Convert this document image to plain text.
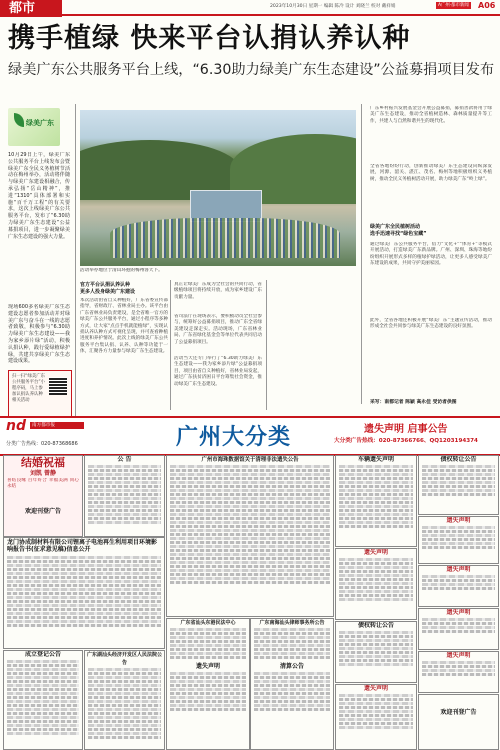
都市	2023年10月30日 星期一 编辑 陈冷 设计 刘晓兰 校对 戴祥娟	A广州·都市新闻 A06
携手植绿 快来平台认捐认养认种
绿美广东公共服务平台上线，“6.30助力绿美广东生态建设”公益募捐项目发布
绿美广东
10月29日上午，绿美广东公共服务平台上线发布会暨绿美广东全民义务植树节活动在梅州举办，活动将伴随与绿美广东建设相融合，传承弘扬“岳山精神”，推进“1310”具体部署和实施“百千万工程”的有关要求，这次上线绿美广东公共服务平台，发布了“6.30助力绿美广东生态建设”公益募捐项目，进一步凝聚绿美广东生态建设的强大力量。
现场600多名绿美广东生态建设志愿者参加活动并对绿美广东与奋斗在一线的志愿者致敬，积极参与“6.30助力绿美广东生态建设——我为家乡添片绿”活动，积极认捐认种，践行爱绿植绿护绿，共建共享绿美广东生态建设成果。
活动举办地位于清山环抱的梅州客天下。
扫一扫“绿美广东公共服务平台”小程序码，马上参加认捐认养认种相关活动
官方平台认捐认养认种
更多人投身绿美广东建设
本次活动由省自义种植好，广东省委宣传部指导，省财政厅、省林业局主办。该平台由广东省林业局负责建设，是全省唯一官方的绿美广东公共服务平台，通过小程序等多种方式，让大家“点点手机就能植绿”，实现认捐认养认种方式可视化呈现，并可查看种植进度和养护情况。此次上线的绿美广东公共服务平台集认捐、认养、认种等功能于一体，汇聚各方力量参与绿美广东生态建设。
真正让绿美广东成为全社会的共同行动，省级植绿项目将持续开放，成为家乡建设广东贡献力量。
省司法厅在现场表示，要积极动员全社会参与，统筹好公益募捐项目，推动广东全省绿美建设走深走实。活动现场，广东省林业局、广东省绿化基金会等单位代表共同启动了公益募捐项目。
活动当天还专门举行了“6.30助力绿美广东生态建设——我为家乡添片绿”公益募捐项目，项目由省自义种植好，省林业局发起，通过广东扶贫济困日平台筹集社会资金，推动绿美广东生态建设。
广东乡村振兴发展基金会开展公益募捐，募捐善款将用于绿美广东生态建设，推动全省植树造林、森林质量提升等工作，共建人与自然和谐共生的现代化。
全省各地纷纷行动，创新推动绿美广东生态建设向纵深发展，河源、韶关、湛江、茂名、梅州等地积极组织义务植树，推动全民义务植树活动开展，助力绿美广东“岭上绿”。
绿美广东全民植树活动
选手迅速寻找“绿色宝藏”
通过绿美广东公共服务平台，借力“文化+”“体育+”等模式开展活动，打造绿美广东新品牌。广州、深圳、珠海等地纷纷组织开展形式多样的植绿护绿活动，让更多人感受绿美广东建设的成果，共同守护美丽家园。
此外，全省各地还积极开展“绿美广东”主题宣传活动，推动形成全社会共同参与绿美广东生态建设的良好氛围。
采写：南都记者 陈颖 高永佳 受访者供图
nd	南方都市报
分类广告热线：020-87368686	广州大分类	遗失声明 启事公告
大分类广告热线：020-87366766、QQ1203194374
结婚祝福
刘凯 曾静
喜结良缘 百年好合 幸福美满 同心永结
欢迎刊登广告
龙门协成制材料有限公司锂离子电池再生利用项目环境影响报告书(征求意见稿)信息公开
成立登记公告
公 告
广东湖汕头经济开发区人民法院公告
广州市海珠数据馆关于清理非法遗失公告
广东省汕头东港民法中心
遗失声明
广东南海汕头律师事务所公告
清算公告
车辆遗失声明
遗失声明
债权转让公告
遗失声明
债权转让公告
遗失声明
遗失声明
遗失声明
遗失声明
欢迎刊登广告
